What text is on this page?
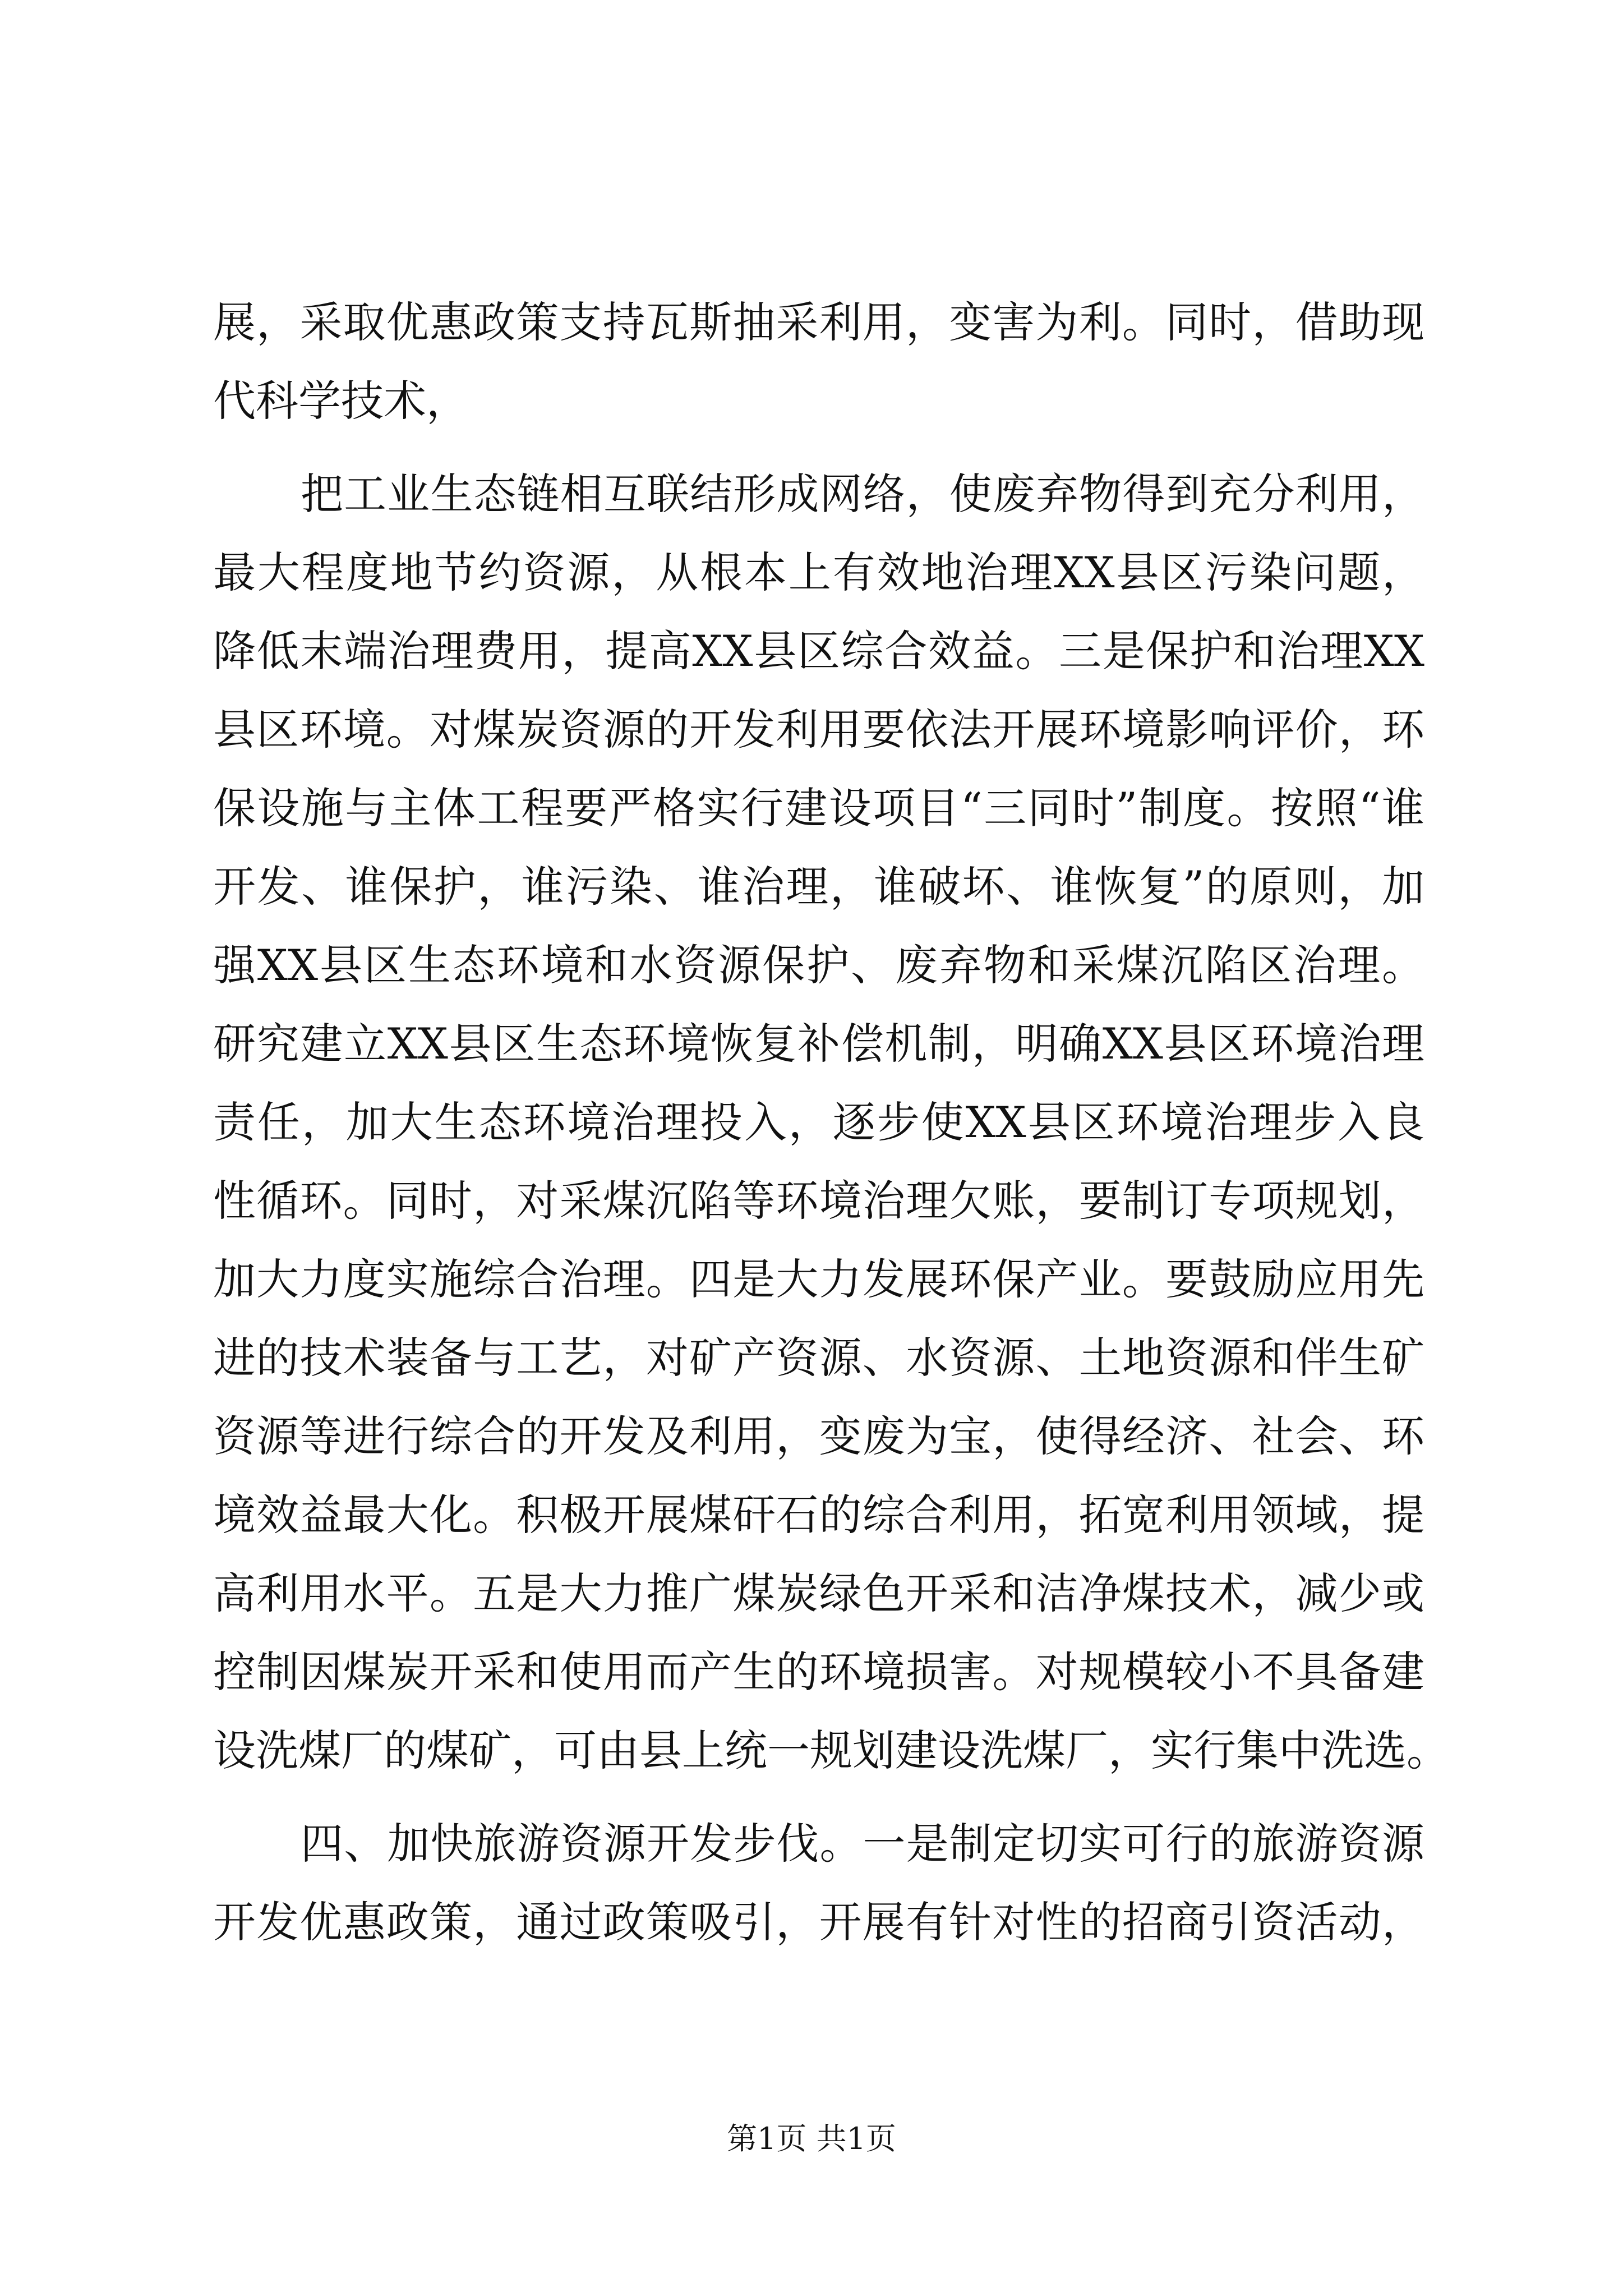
展，采取优惠政策支持瓦斯抽采利用，变害为利。同时，借助现
代科学技术，
把工业生态链相互联结形成网络，使废弃物得到充分利用，
最大程度地节约资源，从根本上有效地治理XX县区污染问题，
降低末端治理费用，提高XX县区综合效益。三是保护和治理XX
县区环境。对煤炭资源的开发利用要依法开展环境影响评价，环
保设施与主体工程要严格实行建设项目“三同时”制度。按照“谁
开发、谁保护，谁污染、谁治理，谁破坏、谁恢复”的原则，加
强XX县区生态环境和水资源保护、废弃物和采煤沉陷区治理。
研究建立XX县区生态环境恢复补偿机制，明确XX县区环境治理
责任，加大生态环境治理投入，逐步使XX县区环境治理步入良
性循环。同时，对采煤沉陷等环境治理欠账，要制订专项规划，
加大力度实施综合治理。四是大力发展环保产业。要鼓励应用先
进的技术装备与工艺，对矿产资源、水资源、土地资源和伴生矿
资源等进行综合的开发及利用，变废为宝，使得经济、社会、环
境效益最大化。积极开展煤矸石的综合利用，拓宽利用领域，提
高利用水平。五是大力推广煤炭绿色开采和洁净煤技术，减少或
控制因煤炭开采和使用而产生的环境损害。对规模较小不具备建
设洗煤厂的煤矿，可由县上统一规划建设洗煤厂，实行集中洗选。
四、加快旅游资源开发步伐。一是制定切实可行的旅游资源
开发优惠政策，通过政策吸引，开展有针对性的招商引资活动，
第1页 共1页
